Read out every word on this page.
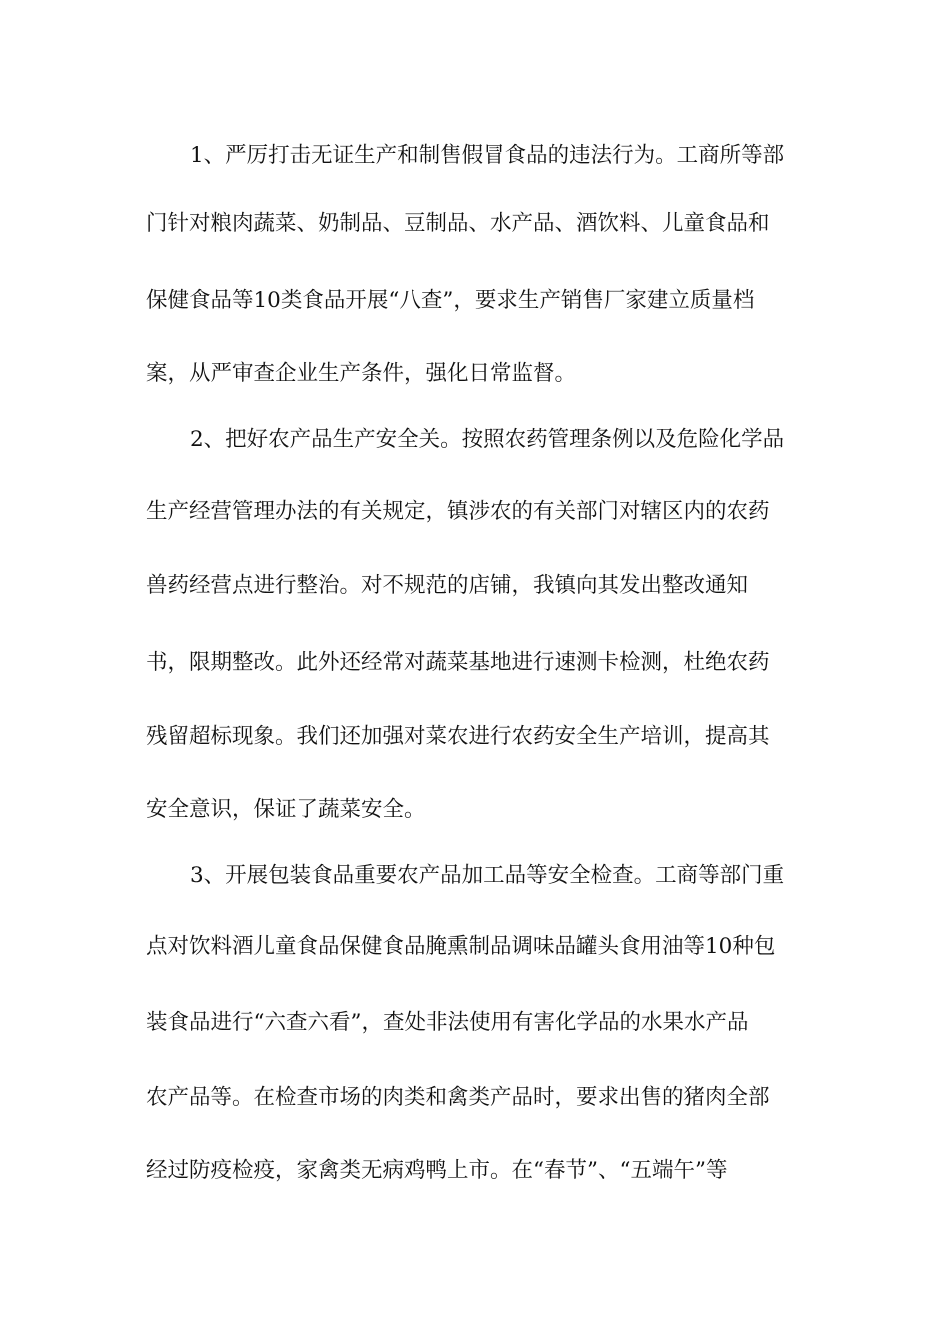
1、严厉打击无证生产和制售假冒食品的违法行为。工商所等部
门针对粮肉蔬菜、奶制品、豆制品、水产品、酒饮料、儿童食品和
保健食品等10类食品开展“八查”，要求生产销售厂家建立质量档
案，从严审查企业生产条件，强化日常监督。
2、把好农产品生产安全关。按照农药管理条例以及危险化学品
生产经营管理办法的有关规定，镇涉农的有关部门对辖区内的农药
兽药经营点进行整治。对不规范的店铺，我镇向其发出整改通知
书，限期整改。此外还经常对蔬菜基地进行速测卡检测，杜绝农药
残留超标现象。我们还加强对菜农进行农药安全生产培训，提高其
安全意识，保证了蔬菜安全。
3、开展包装食品重要农产品加工品等安全检查。工商等部门重
点对饮料酒儿童食品保健食品腌熏制品调味品罐头食用油等10种包
装食品进行“六查六看”，查处非法使用有害化学品的水果水产品
农产品等。在检查市场的肉类和禽类产品时，要求出售的猪肉全部
经过防疫检疫，家禽类无病鸡鸭上市。在“春节”、“五端午”等
